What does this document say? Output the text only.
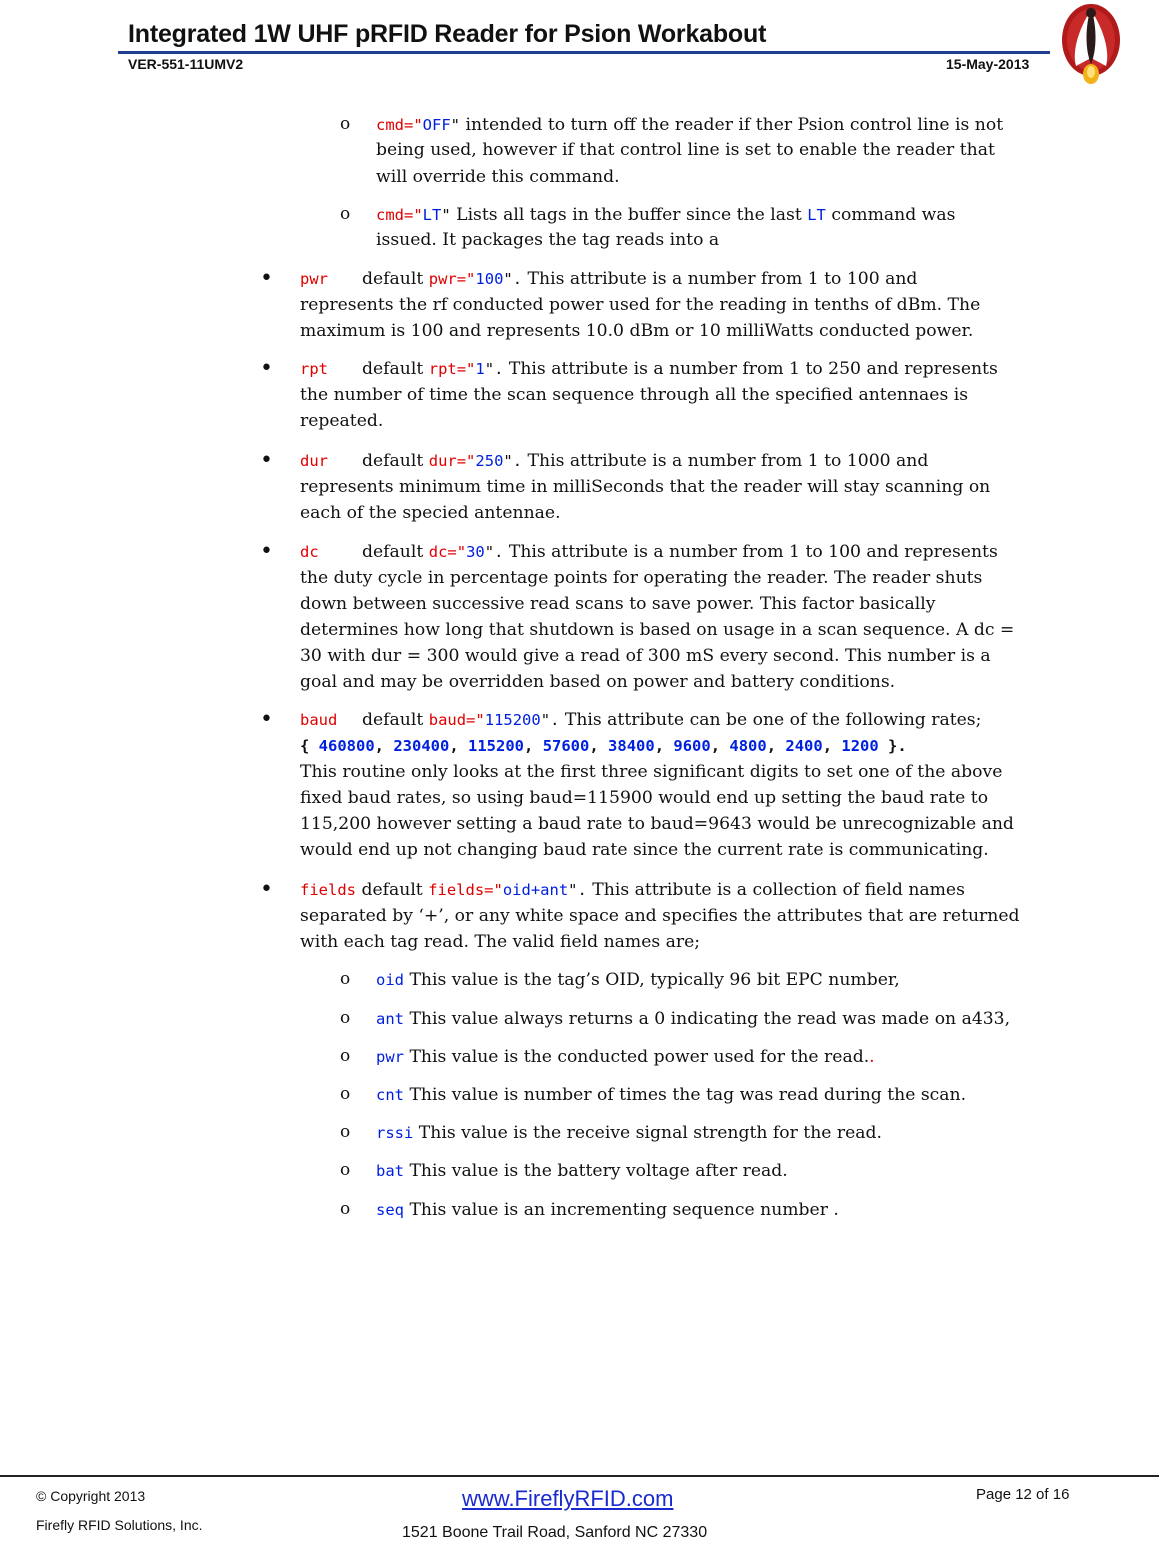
Integrated 1W UHF pRFID Reader for Psion Workabout
VER-551-11UMV2	15-May-2013
o cmd="OFF" intended to turn off the reader if ther Psion control line is not
being used, however if that control line is set to enable the reader that
will override this command.
o cmd="LT" Lists all tags in the buffer since the last LT command was
issued. It packages the tag reads into a
• pwr default pwr="100". This attribute is a number from 1 to 100 and
represents the rf conducted power used for the reading in tenths of dBm. The
maximum is 100 and represents 10.0 dBm or 10 milliWatts conducted power.
• rpt default rpt="1". This attribute is a number from 1 to 250 and represents
the number of time the scan sequence through all the specified antennaes is
repeated.
• dur default dur="250". This attribute is a number from 1 to 1000 and
represents minimum time in milliSeconds that the reader will stay scanning on
each of the specied antennae.
• dc	default dc="30". This attribute is a number from 1 to 100 and represents
the duty cycle in percentage points for operating the reader. The reader shuts
down between successive read scans to save power. This factor basically
determines how long that shutdown is based on usage in a scan sequence. A dc =
30 with dur = 300 would give a read of 300 mS every second. This number is a
goal and may be overridden based on power and battery conditions.
• baud default baud="115200". This attribute can be one of the following rates;
{ 460800, 230400, 115200, 57600, 38400, 9600, 4800, 2400, 1200 }.
This routine only looks at the first three significant digits to set one of the above
fixed baud rates, so using baud=115900 would end up setting the baud rate to
115,200 however setting a baud rate to baud=9643 would be unrecognizable and
would end up not changing baud rate since the current rate is communicating.
• fields default fields="oid+ant". This attribute is a collection of field names
separated by ‘+’, or any white space and specifies the attributes that are returned
with each tag read. The valid field names are;
o oid This value is the tag’s OID, typically 96 bit EPC number,
o ant This value always returns a 0 indicating the read was made on a433,
o pwr This value is the conducted power used for the read..
o cnt This value is number of times the tag was read during the scan.
o rssi This value is the receive signal strength for the read.
o bat This value is the battery voltage after read.
o seq This value is an incrementing sequence number .
© Copyright 2013
Firefly RFID Solutions, Inc.
www.FireflyRFID.com
1521 Boone Trail Road, Sanford NC 27330
Page 12 of 16
